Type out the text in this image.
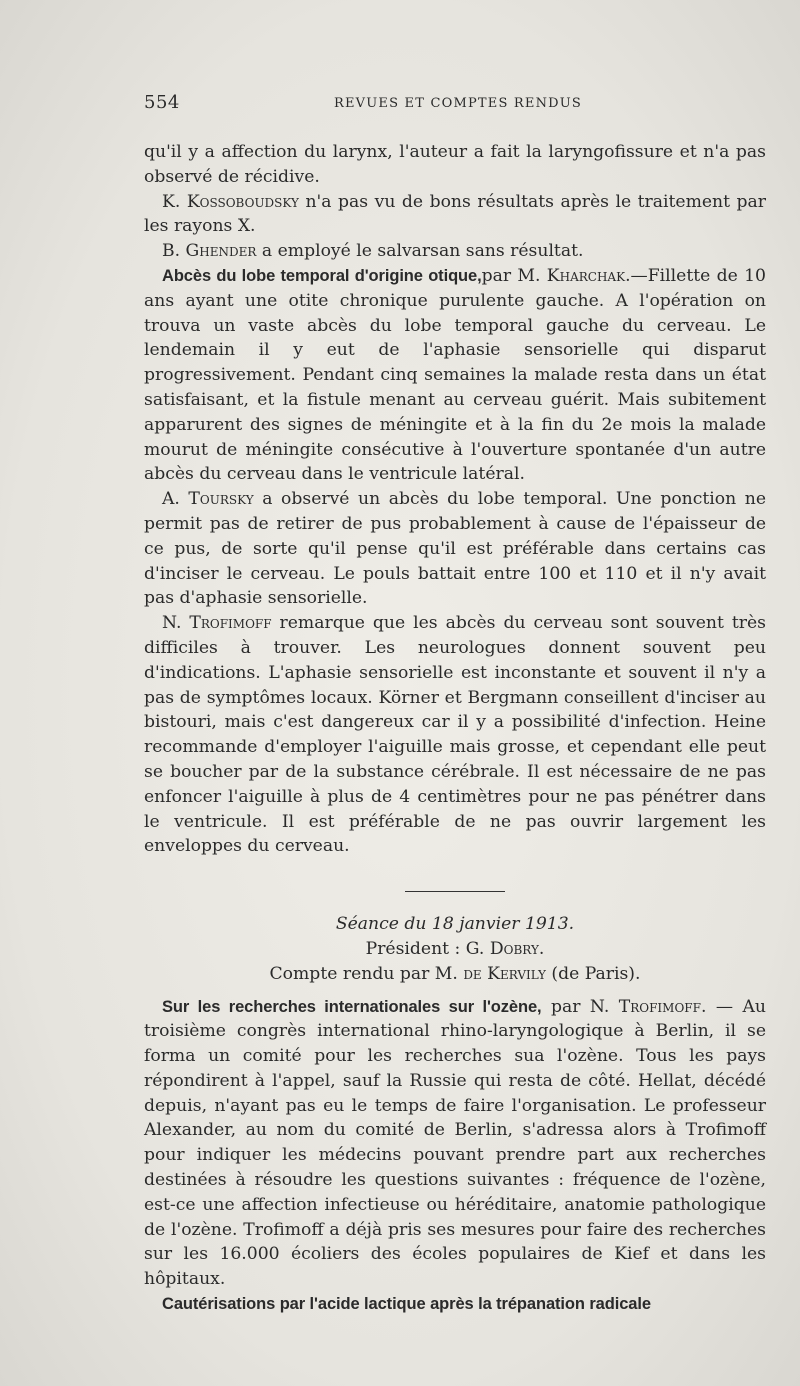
554	REVUES ET COMPTES RENDUS

qu'il y a affection du larynx, l'auteur a fait la laryngofissure et n'a pas observé de récidive.

K. Kossoboudsky n'a pas vu de bons résultats après le traitement par les rayons X.

B. Ghender a employé le salvarsan sans résultat.

Abcès du lobe temporal d'origine otique,par M. Kharchak.—Fillette de 10 ans ayant une otite chronique purulente gauche. A l'opération on trouva un vaste abcès du lobe temporal gauche du cerveau. Le lendemain il y eut de l'aphasie sensorielle qui disparut progressivement. Pendant cinq semaines la malade resta dans un état satisfaisant, et la fistule menant au cerveau guérit. Mais subitement apparurent des signes de méningite et à la fin du 2e mois la malade mourut de méningite consécutive à l'ouverture spontanée d'un autre abcès du cerveau dans le ventricule latéral.

A. Toursky a observé un abcès du lobe temporal. Une ponction ne permit pas de retirer de pus probablement à cause de l'épaisseur de ce pus, de sorte qu'il pense qu'il est préférable dans certains cas d'inciser le cerveau. Le pouls battait entre 100 et 110 et il n'y avait pas d'aphasie sensorielle.

N. Trofimoff remarque que les abcès du cerveau sont souvent très difficiles à trouver. Les neurologues donnent souvent peu d'indications. L'aphasie sensorielle est inconstante et souvent il n'y a pas de symptômes locaux. Körner et Bergmann conseillent d'inciser au bistouri, mais c'est dangereux car il y a possibilité d'infection. Heine recommande d'employer l'aiguille mais grosse, et cependant elle peut se boucher par de la substance cérébrale. Il est nécessaire de ne pas enfoncer l'aiguille à plus de 4 centimètres pour ne pas pénétrer dans le ventricule. Il est préférable de ne pas ouvrir largement les enveloppes du cerveau.

Séance du 18 janvier 1913.

Président : G. Dobry.

Compte rendu par M. de Kervily (de Paris).

Sur les recherches internationales sur l'ozène, par N. Trofimoff. — Au troisième congrès international rhino-laryngologique à Berlin, il se forma un comité pour les recherches sua l'ozène. Tous les pays répondirent à l'appel, sauf la Russie qui resta de côté. Hellat, décédé depuis, n'ayant pas eu le temps de faire l'organisation. Le professeur Alexander, au nom du comité de Berlin, s'adressa alors à Trofimoff pour indiquer les médecins pouvant prendre part aux recherches destinées à résoudre les questions suivantes : fréquence de l'ozène, est-ce une affection infectieuse ou héréditaire, anatomie pathologique de l'ozène. Trofimoff a déjà pris ses mesures pour faire des recherches sur les 16.000 écoliers des écoles populaires de Kief et dans les hôpitaux.

Cautérisations par l'acide lactique après la trépanation radicale
